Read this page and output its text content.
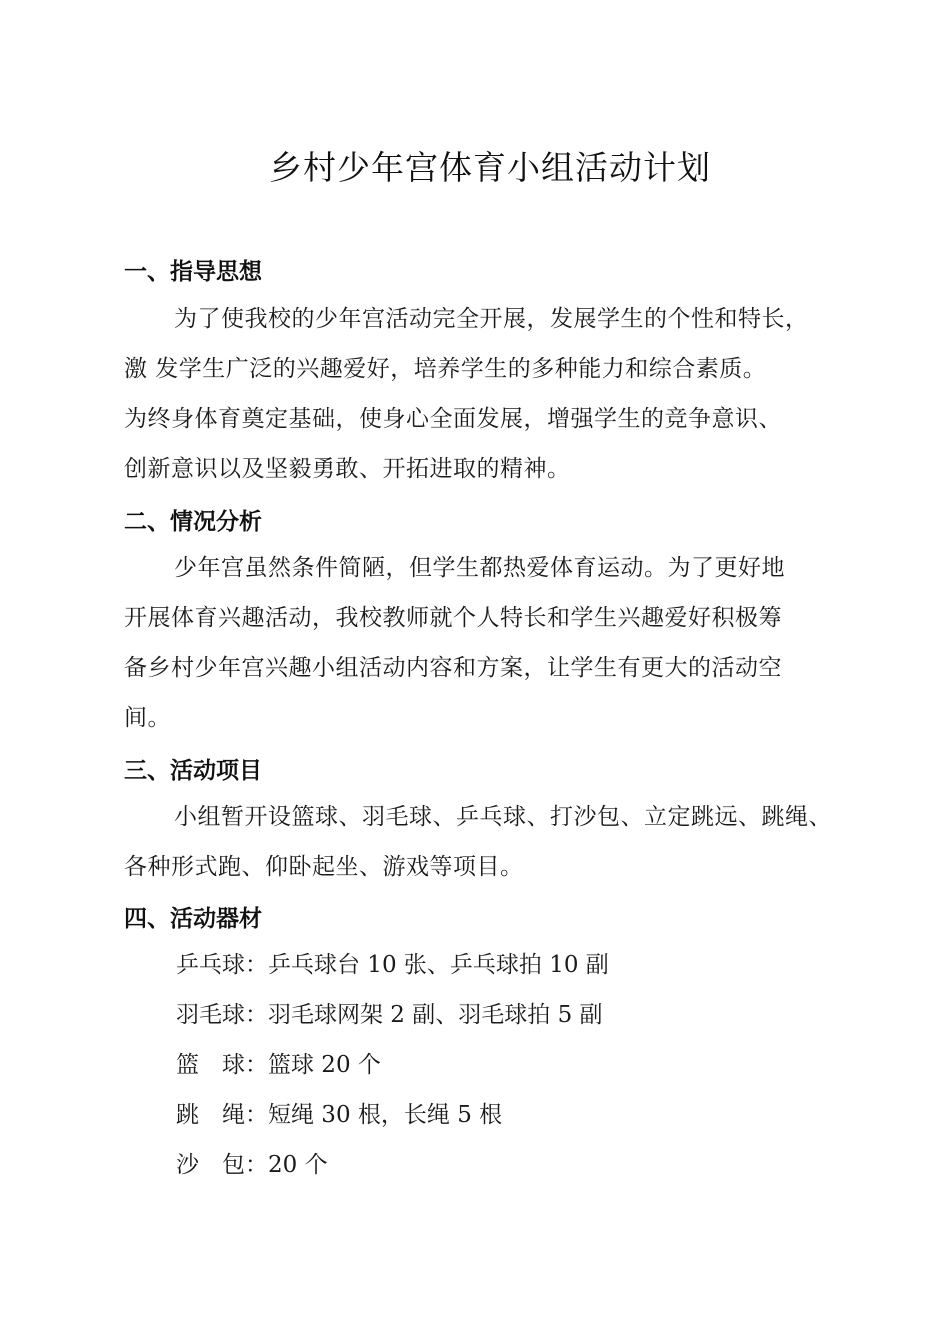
乡村少年宫体育小组活动计划
一、指导思想
为了使我校的少年宫活动完全开展，发展学生的个性和特长，
激 发学生广泛的兴趣爱好，培养学生的多种能力和综合素质。
为终身体育奠定基础，使身心全面发展，增强学生的竞争意识、
创新意识以及坚毅勇敢、开拓进取的精神。
二、情况分析
少年宫虽然条件简陋，但学生都热爱体育运动。为了更好地
开展体育兴趣活动，我校教师就个人特长和学生兴趣爱好积极筹
备乡村少年宫兴趣小组活动内容和方案，让学生有更大的活动空
间。
三、活动项目
小组暂开设篮球、羽毛球、乒乓球、打沙包、立定跳远、跳绳、
各种形式跑、仰卧起坐、游戏等项目。
四、活动器材
乒乓球：乒乓球台 10 张、乒乓球拍 10 副
羽毛球：羽毛球网架 2 副、羽毛球拍 5 副
篮　球：篮球 20 个
跳　绳：短绳 30 根，长绳 5 根
沙　包：20 个
